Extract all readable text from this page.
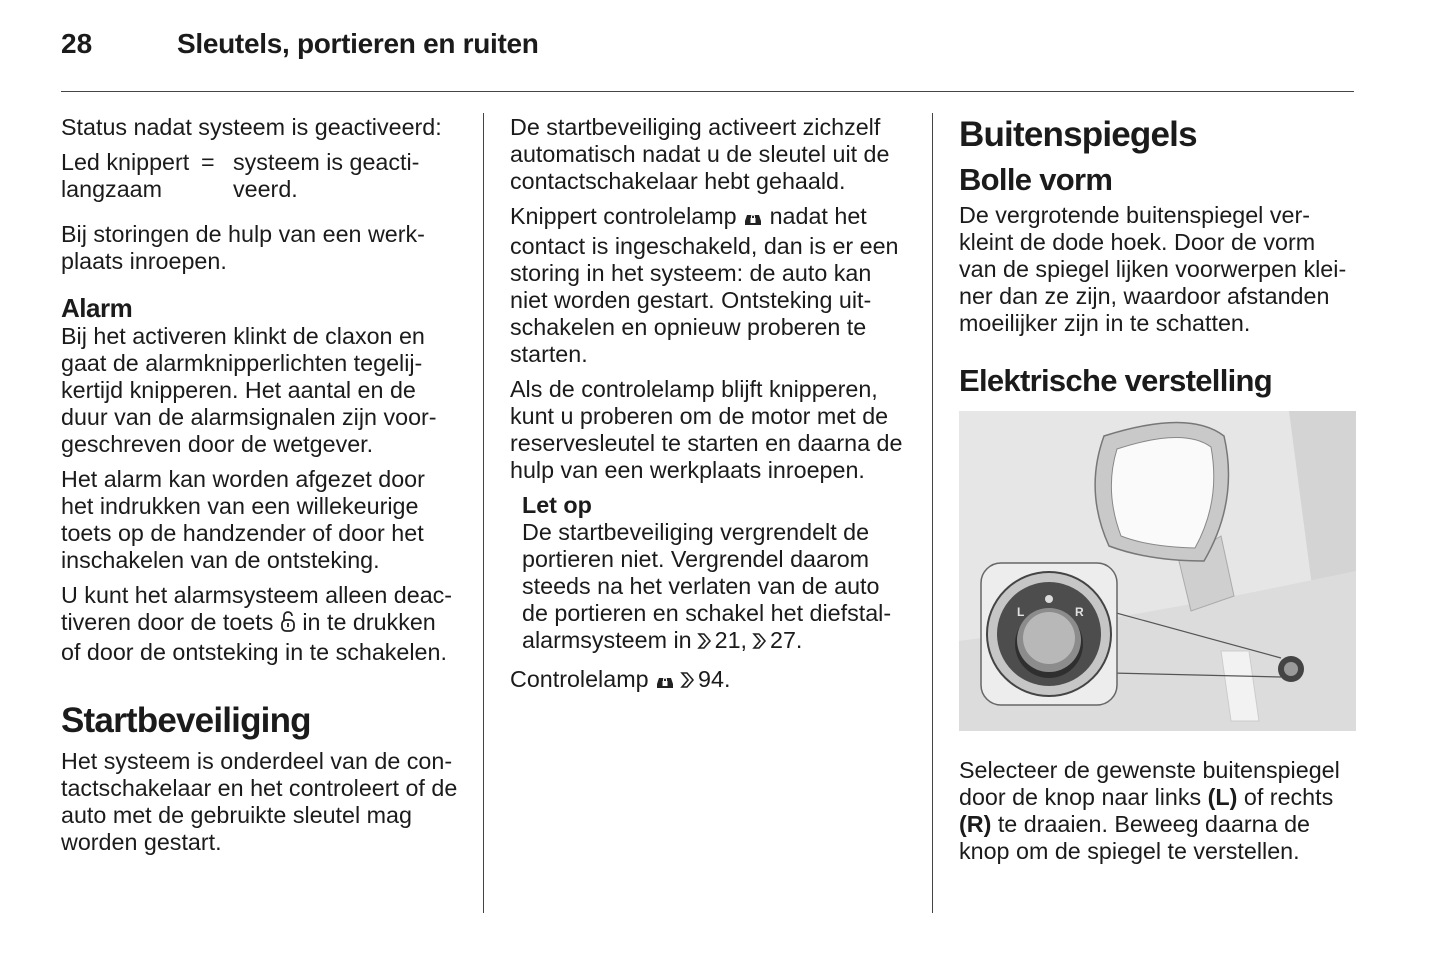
28	Sleutels, portieren en ruiten

Status nadat systeem is geactiveerd:

Led knippert langzaam
= systeem is geacti-veerd.

Bij storingen de hulp van een werk-plaats inroepen.

Alarm

Bij het activeren klinkt de claxon en gaat de alarmknipperlichten tegelij-kertijd knipperen. Het aantal en de duur van de alarmsignalen zijn voor-geschreven door de wetgever.

Het alarm kan worden afgezet door het indrukken van een willekeurige toets op de handzender of door het inschakelen van de ontsteking.

U kunt het alarmsysteem alleen deac-tiveren door de toets in te drukken of door de ontsteking in te schakelen.

Startbeveiliging

Het systeem is onderdeel van de con-tactschakelaar en het controleert of de auto met de gebruikte sleutel mag worden gestart.

De startbeveiliging activeert zichzelf automatisch nadat u de sleutel uit de contactschakelaar hebt gehaald.

Knippert controlelamp nadat het contact is ingeschakeld, dan is er een storing in het systeem: de auto kan niet worden gestart. Ontsteking uit-schakelen en opnieuw proberen te starten.

Als de controlelamp blijft knipperen, kunt u proberen om de motor met de reservesleutel te starten en daarna de hulp van een werkplaats inroepen.

Let op
De startbeveiliging vergrendelt de portieren niet. Vergrendel daarom steeds na het verlaten van de auto de portieren en schakel het diefstal-alarmsysteem in 21, 27.

Controlelamp 94.

Buitenspiegels
Bolle vorm

De vergrotende buitenspiegel ver-kleint de dode hoek. Door de vorm van de spiegel lijken voorwerpen klei-ner dan ze zijn, waardoor afstanden moeilijker zijn in te schatten.

Elektrische verstelling
L	R

Selecteer de gewenste buitenspiegel door de knop naar links (L) of rechts (R) te draaien. Beweeg daarna de knop om de spiegel te verstellen.
